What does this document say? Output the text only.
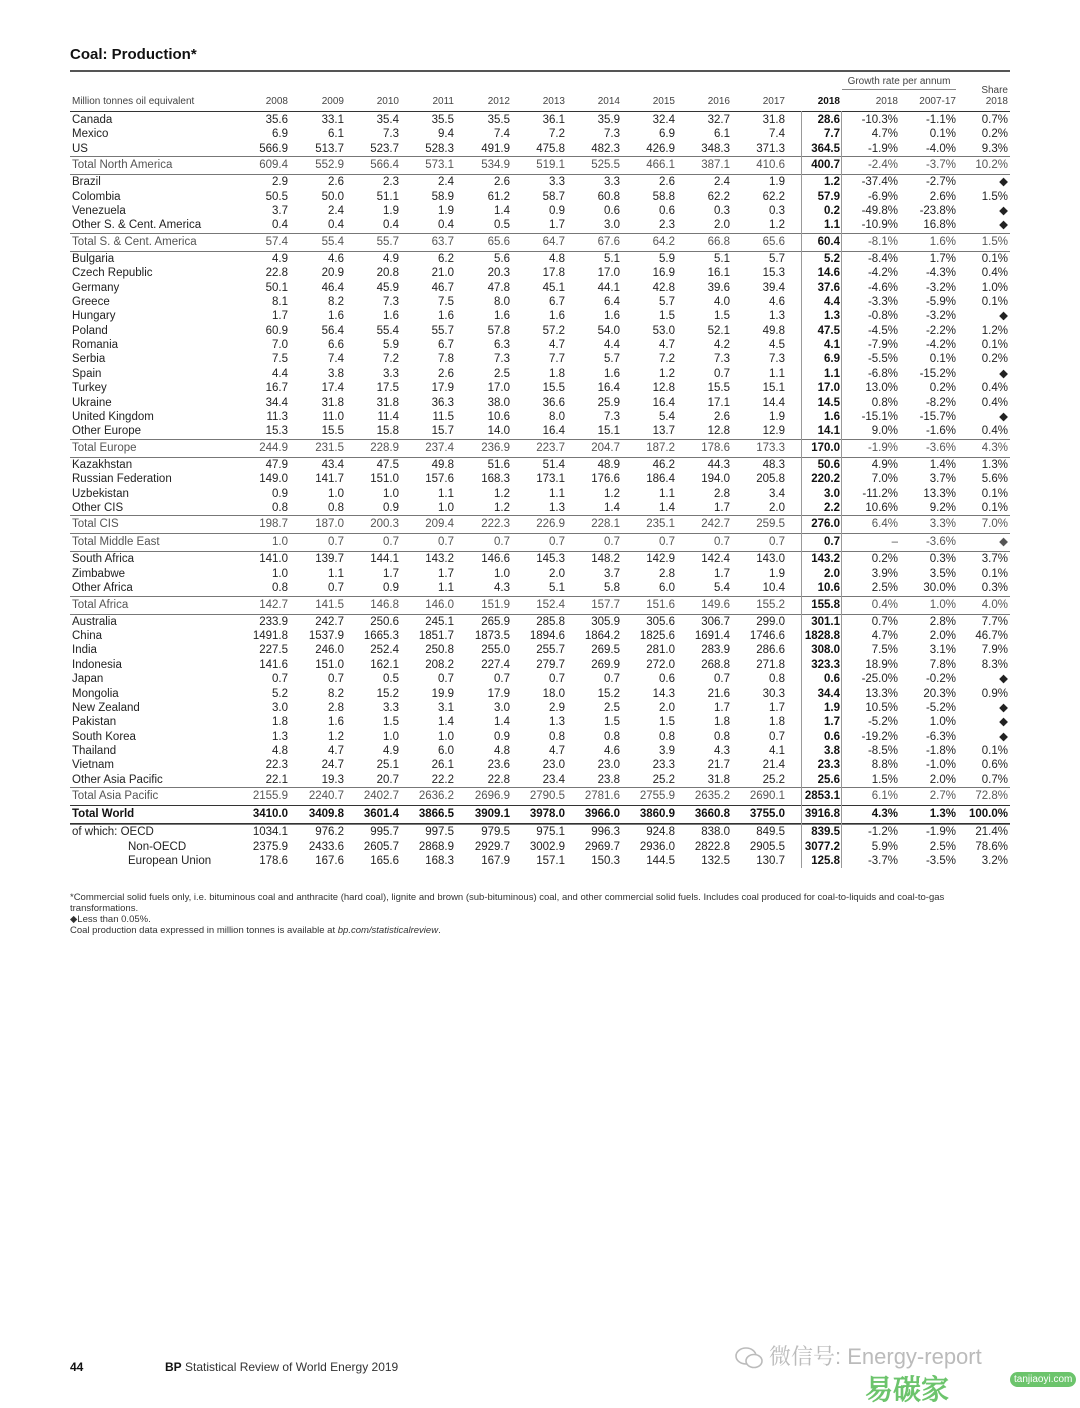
Coal: Production*
Growth rate per annum
Share
2018
Million tonnes oil equivalent	2008	2009	2010	2011	2012	2013	2014	2015	2016	2017	2018	2018 2007-17
Canada	35.6	33.1	35.4	35.5	35.5	36.1	35.9	32.4	32.7	31.8	28.6 -10.3% -1.1% 0.7%
Mexico	6.9	6.1	7.3	9.4	7.4	7.2	7.3	6.9	6.1	7.4	7.7	4.7%	0.1% 0.2%
US	566.9 513.7 523.7 528.3 491.9 475.8 482.3 426.9 348.3 371.3 364.5 -1.9% -4.0% 9.3%
Total North America	609.4 552.9 566.4 573.1 534.9 519.1 525.5 466.1 387.1 410.6 400.7 -2.4% -3.7% 10.2%
Brazil	2.9	2.6	2.3	2.4	2.6	3.3	3.3	2.6	2.4	1.9	1.2 -37.4% -2.7%	◆
Colombia	50.5	50.0	51.1	58.9	61.2	58.7	60.8	58.8	62.2	62.2	57.9 -6.9%	2.6% 1.5%
Venezuela	3.7	2.4	1.9	1.9	1.4	0.9	0.6	0.6	0.3	0.3	0.2 -49.8% -23.8%	◆
Other S. & Cent. America	0.4	0.4	0.4	0.4	0.5	1.7	3.0	2.3	2.0	1.2	1.1 -10.9% 16.8%	◆
Total S. & Cent. America	57.4	55.4	55.7	63.7	65.6	64.7	67.6	64.2	66.8	65.6	60.4 -8.1%	1.6% 1.5%
Bulgaria	4.9	4.6	4.9	6.2	5.6	4.8	5.1	5.9	5.1	5.7	5.2 -8.4%	1.7% 0.1%
Czech Republic	22.8	20.9	20.8	21.0	20.3	17.8	17.0	16.9	16.1	15.3	14.6 -4.2% -4.3% 0.4%
Germany	50.1	46.4	45.9	46.7	47.8	45.1	44.1	42.8	39.6	39.4	37.6 -4.6% -3.2% 1.0%
Greece	8.1	8.2	7.3	7.5	8.0	6.7	6.4	5.7	4.0	4.6	4.4 -3.3% -5.9% 0.1%
Hungary	1.7	1.6	1.6	1.6	1.6	1.6	1.6	1.5	1.5	1.3	1.3 -0.8% -3.2%	◆
Poland	60.9	56.4	55.4	55.7	57.8	57.2	54.0	53.0	52.1	49.8	47.5 -4.5% -2.2% 1.2%
Romania	7.0	6.6	5.9	6.7	6.3	4.7	4.4	4.7	4.2	4.5	4.1 -7.9% -4.2% 0.1%
Serbia	7.5	7.4	7.2	7.8	7.3	7.7	5.7	7.2	7.3	7.3	6.9 -5.5%	0.1% 0.2%
Spain	4.4	3.8	3.3	2.6	2.5	1.8	1.6	1.2	0.7	1.1	1.1 -6.8% -15.2%	◆
Turkey	16.7	17.4	17.5	17.9	17.0	15.5	16.4	12.8	15.5	15.1	17.0 13.0%	0.2% 0.4%
Ukraine	34.4	31.8	31.8	36.3	38.0	36.6	25.9	16.4	17.1	14.4	14.5	0.8% -8.2% 0.4%
United Kingdom	11.3	11.0	11.4	11.5	10.6	8.0	7.3	5.4	2.6	1.9	1.6 -15.1% -15.7%	◆
Other Europe	15.3	15.5	15.8	15.7	14.0	16.4	15.1	13.7	12.8	12.9	14.1	9.0% -1.6% 0.4%
Total Europe	244.9 231.5 228.9 237.4 236.9 223.7 204.7 187.2 178.6 173.3 170.0 -1.9% -3.6% 4.3%
Kazakhstan	47.9	43.4	47.5	49.8	51.6	51.4	48.9	46.2	44.3	48.3	50.6	4.9%	1.4% 1.3%
Russian Federation	149.0 141.7 151.0 157.6 168.3 173.1 176.6 186.4 194.0 205.8 220.2	7.0%	3.7% 5.6%
Uzbekistan	0.9	1.0	1.0	1.1	1.2	1.1	1.2	1.1	2.8	3.4	3.0 -11.2% 13.3% 0.1%
Other CIS	0.8	0.8	0.9	1.0	1.2	1.3	1.4	1.4	1.7	2.0	2.2 10.6%	9.2% 0.1%
Total CIS	198.7 187.0 200.3 209.4 222.3 226.9 228.1 235.1 242.7 259.5 276.0	6.4%	3.3% 7.0%
Total Middle East	1.0	0.7	0.7	0.7	0.7	0.7	0.7	0.7	0.7	0.7	0.7	– -3.6%	◆
South Africa	141.0 139.7 144.1 143.2 146.6 145.3 148.2 142.9 142.4 143.0 143.2	0.2%	0.3% 3.7%
Zimbabwe	1.0	1.1	1.7	1.7	1.0	2.0	3.7	2.8	1.7	1.9	2.0	3.9%	3.5% 0.1%
Other Africa	0.8	0.7	0.9	1.1	4.3	5.1	5.8	6.0	5.4	10.4	10.6	2.5% 30.0% 0.3%
Total Africa	142.7 141.5 146.8 146.0 151.9 152.4 157.7 151.6 149.6 155.2 155.8	0.4%	1.0% 4.0%
Australia	233.9 242.7 250.6 245.1 265.9 285.8 305.9 305.6 306.7 299.0 301.1	0.7%	2.8% 7.7%
China	1491.8 1537.9 1665.3 1851.7 1873.5 1894.6 1864.2 1825.6 1691.4 1746.6 1828.8	4.7%	2.0% 46.7%
India	227.5 246.0 252.4 250.8 255.0 255.7 269.5 281.0 283.9 286.6 308.0	7.5%	3.1% 7.9%
Indonesia	141.6 151.0 162.1 208.2 227.4 279.7 269.9 272.0 268.8 271.8 323.3 18.9%	7.8% 8.3%
Japan	0.7	0.7	0.5	0.7	0.7	0.7	0.7	0.6	0.7	0.8	0.6 -25.0% -0.2%	◆
Mongolia	5.2	8.2	15.2	19.9	17.9	18.0	15.2	14.3	21.6	30.3	34.4 13.3% 20.3% 0.9%
New Zealand	3.0	2.8	3.3	3.1	3.0	2.9	2.5	2.0	1.7	1.7	1.9 10.5% -5.2%	◆
Pakistan	1.8	1.6	1.5	1.4	1.4	1.3	1.5	1.5	1.8	1.8	1.7 -5.2%	1.0%	◆
South Korea	1.3	1.2	1.0	1.0	0.9	0.8	0.8	0.8	0.8	0.7	0.6 -19.2% -6.3%	◆
Thailand	4.8	4.7	4.9	6.0	4.8	4.7	4.6	3.9	4.3	4.1	3.8 -8.5% -1.8% 0.1%
Vietnam	22.3	24.7	25.1	26.1	23.6	23.0	23.0	23.3	21.7	21.4	23.3	8.8% -1.0% 0.6%
Other Asia Pacific	22.1	19.3	20.7	22.2	22.8	23.4	23.8	25.2	31.8	25.2	25.6	1.5%	2.0% 0.7%
Total Asia Pacific	2155.9 2240.7 2402.7 2636.2 2696.9 2790.5 2781.6 2755.9 2635.2 2690.1 2853.1	6.1%	2.7% 72.8%
Total World	3410.0 3409.8 3601.4 3866.5 3909.1 3978.0 3966.0 3860.9 3660.8 3755.0 3916.8	4.3%	1.3% 100.0%
of which: OECD	1034.1 976.2 995.7 997.5 979.5 975.1 996.3 924.8 838.0 849.5 839.5 -1.2% -1.9% 21.4%
Non-OECD	2375.9 2433.6 2605.7 2868.9 2929.7 3002.9 2969.7 2936.0 2822.8 2905.5 3077.2	5.9%	2.5% 78.6%
European Union	178.6 167.6 165.6 168.3 167.9 157.1 150.3 144.5 132.5 130.7 125.8 -3.7% -3.5% 3.2%
*Commercial solid fuels only, i.e. bituminous coal and anthracite (hard coal), lignite and brown (sub-bituminous) coal, and other commercial solid fuels. Includes coal produced for coal-to-liquids and coal-to-gas transformations.
◆Less than 0.05%.
Coal production data expressed in million tonnes is available at bp.com/statisticalreview.
44	BP Statistical Review of World Energy 2019	微信号: Energy-report
易碳家	tanjiaoyi.com
